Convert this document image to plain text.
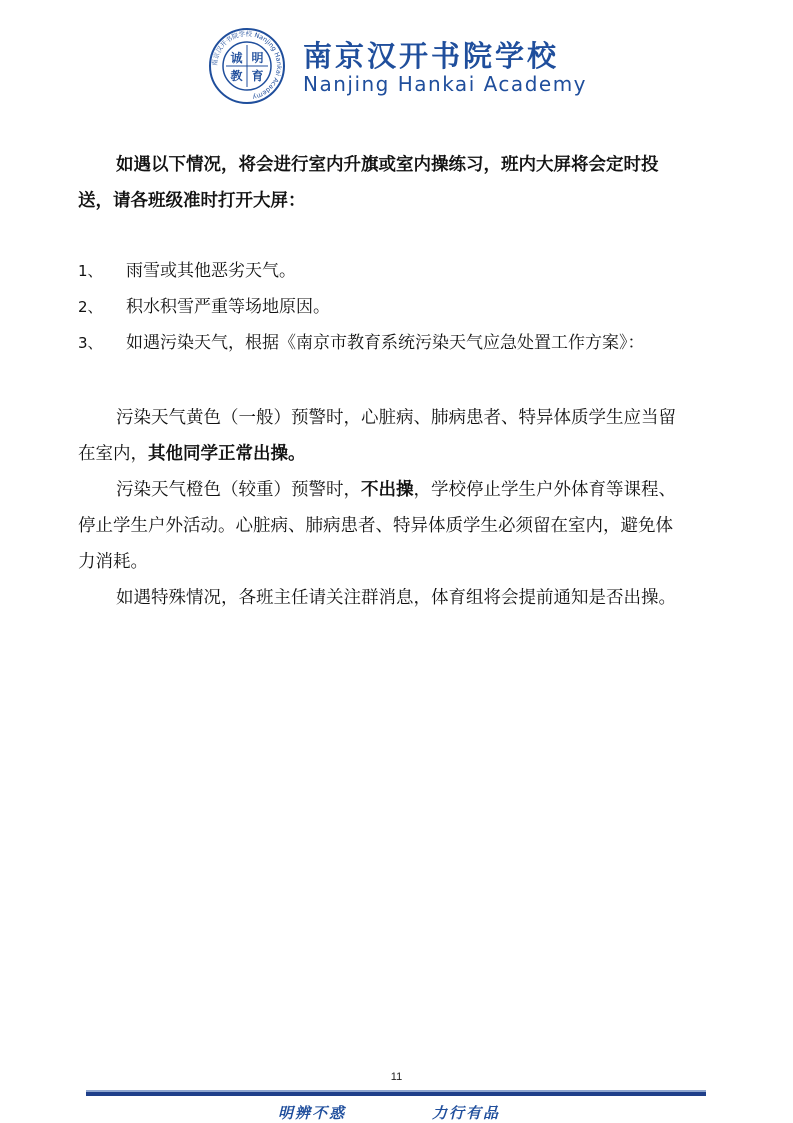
南京汉开书院学校 Nanjing Hankai Academy
诚 明
教 育
南京汉开书院学校
Nanjing Hankai Academy
如遇以下情况，将会进行室内升旗或室内操练习，班内大屏将会定时投
送，请各班级准时打开大屏：
1、 雨雪或其他恶劣天气。
2、 积水积雪严重等场地原因。
3、 如遇污染天气，根据《南京市教育系统污染天气应急处置工作方案》：
污染天气黄色（一般）预警时，心脏病、肺病患者、特异体质学生应当留
在室内，其他同学正常出操。
污染天气橙色（较重）预警时，不出操，学校停止学生户外体育等课程、
停止学生户外活动。心脏病、肺病患者、特异体质学生必须留在室内，避免体
力消耗。
如遇特殊情况，各班主任请关注群消息，体育组将会提前通知是否出操。
11
明辨不惑	力行有品
